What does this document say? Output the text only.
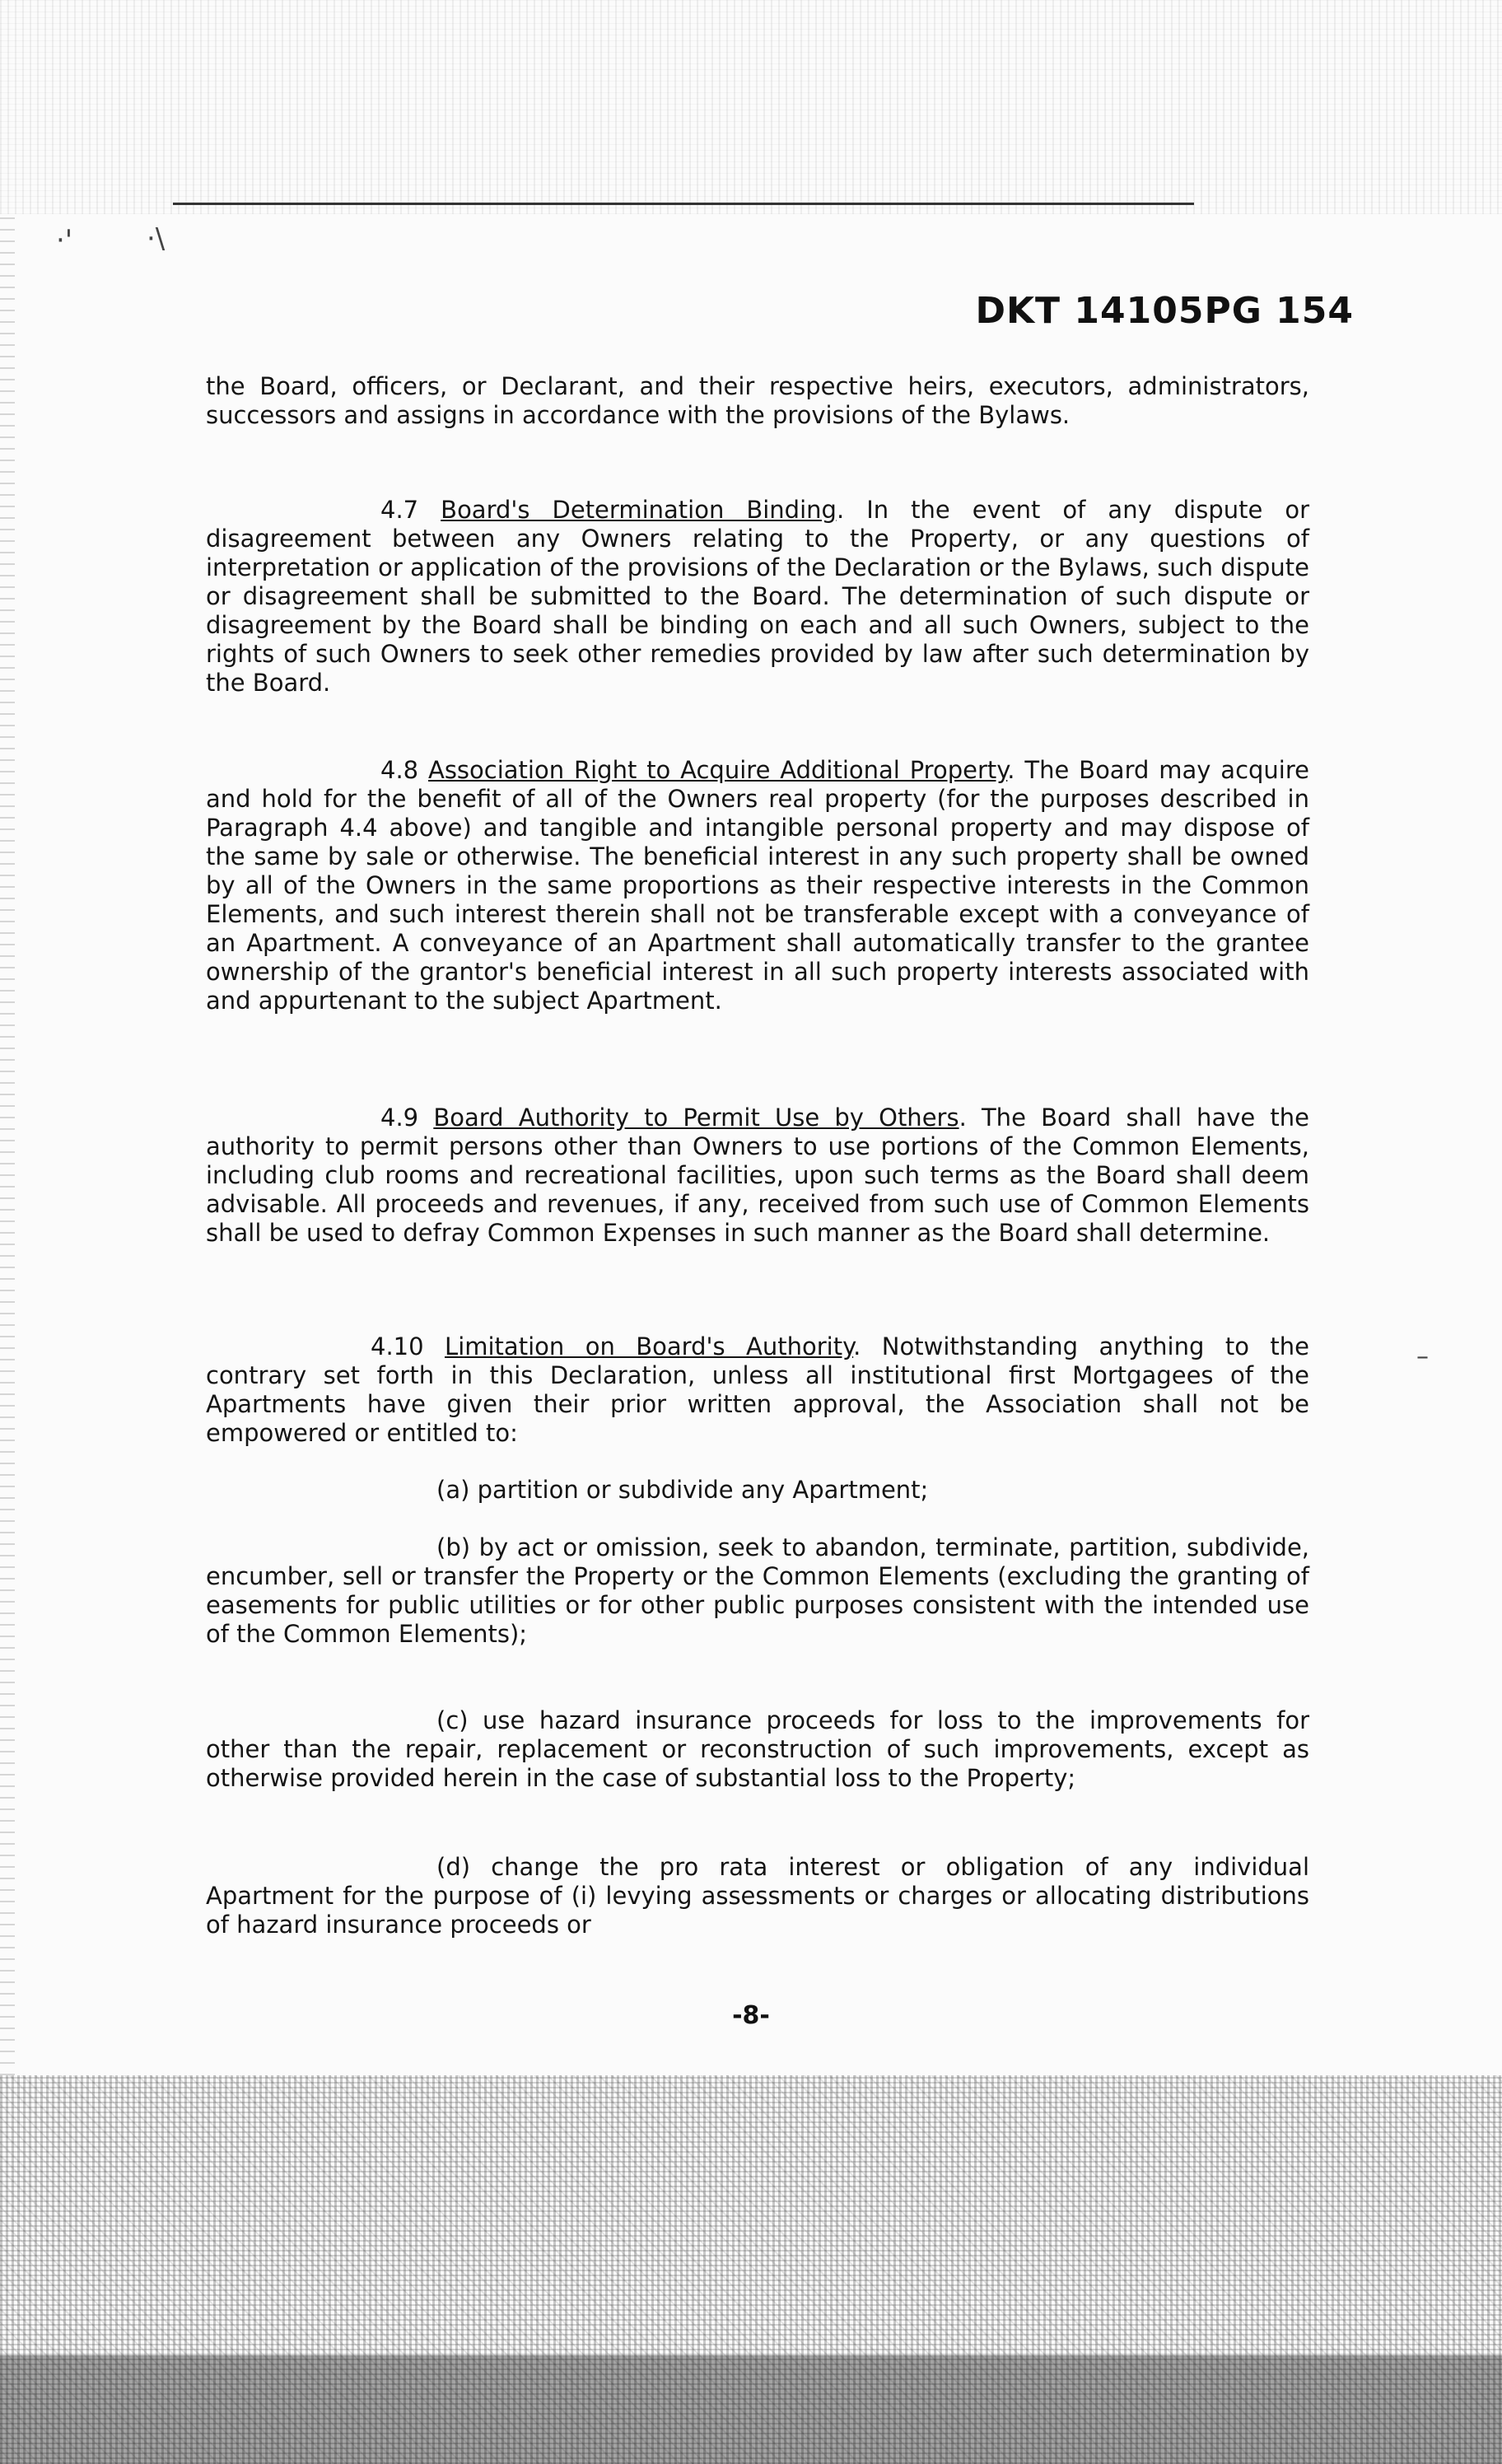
·'	·\
–
DKT 14105PG 154

the Board, officers, or Declarant, and their respective heirs, executors, administrators, successors and assigns in accordance with the provisions of the Bylaws.

4.7 Board's Determination Binding. In the event of any dispute or disagreement between any Owners relating to the Property, or any questions of interpretation or application of the provisions of the Declaration or the Bylaws, such dispute or disagreement shall be submitted to the Board. The determination of such dispute or disagreement by the Board shall be binding on each and all such Owners, subject to the rights of such Owners to seek other remedies provided by law after such determination by the Board.

4.8 Association Right to Acquire Additional Property. The Board may acquire and hold for the benefit of all of the Owners real property (for the purposes described in Paragraph 4.4 above) and tangible and intangible personal property and may dispose of the same by sale or otherwise. The beneficial interest in any such property shall be owned by all of the Owners in the same proportions as their respective interests in the Common Elements, and such interest therein shall not be transferable except with a conveyance of an Apartment. A conveyance of an Apartment shall automatically transfer to the grantee ownership of the grantor's beneficial interest in all such property interests associated with and appurtenant to the subject Apartment.

4.9 Board Authority to Permit Use by Others. The Board shall have the authority to permit persons other than Owners to use portions of the Common Elements, including club rooms and recreational facilities, upon such terms as the Board shall deem advisable. All proceeds and revenues, if any, received from such use of Common Elements shall be used to defray Common Expenses in such manner as the Board shall determine.

4.10 Limitation on Board's Authority. Notwithstanding anything to the contrary set forth in this Declaration, unless all institutional first Mortgagees of the Apartments have given their prior written approval, the Association shall not be empowered or entitled to:

(a) partition or subdivide any Apartment;

(b) by act or omission, seek to abandon, terminate, partition, subdivide, encumber, sell or transfer the Property or the Common Elements (excluding the granting of easements for public utilities or for other public purposes consistent with the intended use of the Common Elements);

(c) use hazard insurance proceeds for loss to the improvements for other than the repair, replacement or reconstruction of such improvements, except as otherwise provided herein in the case of substantial loss to the Property;

(d) change the pro rata interest or obligation of any individual Apartment for the purpose of (i) levying assessments or charges or allocating distributions of hazard insurance proceeds or

-8-
